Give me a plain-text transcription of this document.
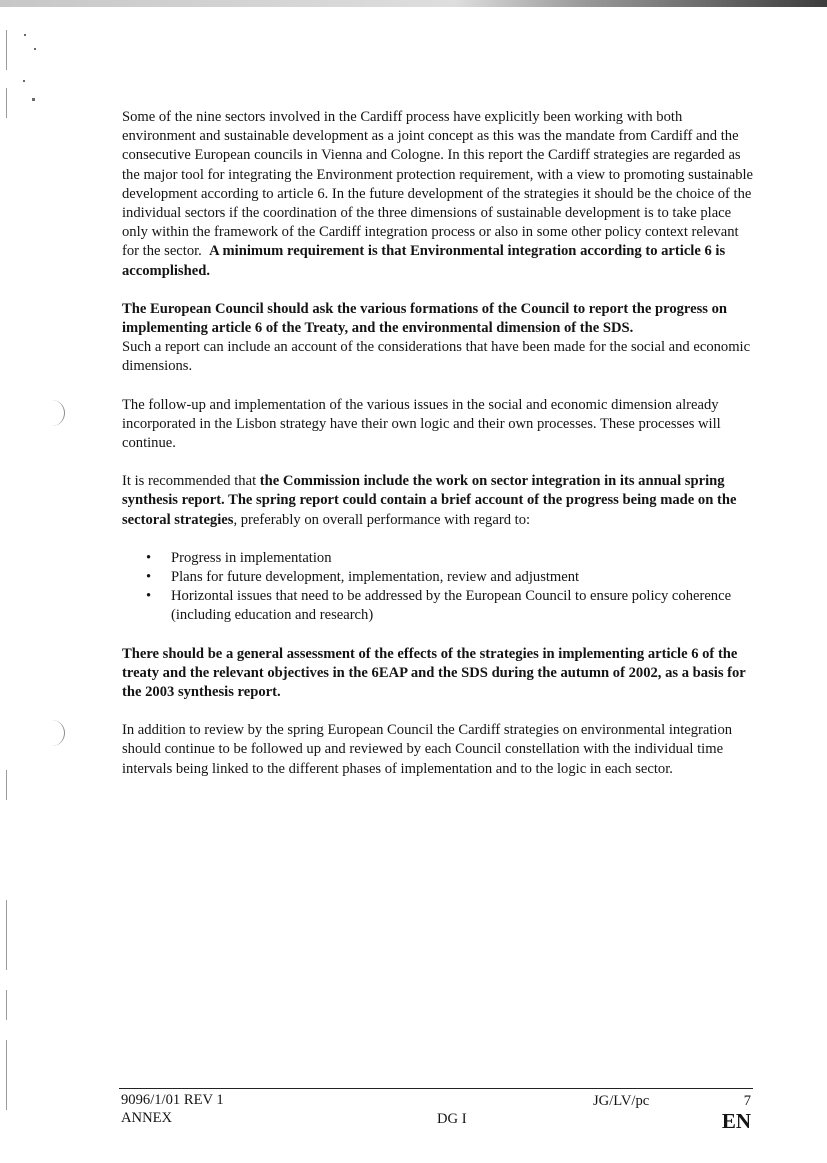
Some of the nine sectors involved in the Cardiff process have explicitly been working with both environment and sustainable development as a joint concept as this was the mandate from Cardiff and the consecutive European councils in Vienna and Cologne. In this report the Cardiff strategies are regarded as the major tool for integrating the Environment protection requirement, with a view to promoting sustainable development according to article 6. In the future development of the strategies it should be the choice of the individual sectors if the coordination of the three dimensions of sustainable development is to take place only within the framework of the Cardiff integration process or also in some other policy context relevant for the sector. A minimum requirement is that Environmental integration according to article 6 is accomplished.

The European Council should ask the various formations of the Council to report the progress on implementing article 6 of the Treaty, and the environmental dimension of the SDS.
Such a report can include an account of the considerations that have been made for the social and economic dimensions.

The follow-up and implementation of the various issues in the social and economic dimension already incorporated in the Lisbon strategy have their own logic and their own processes. These processes will continue.

It is recommended that the Commission include the work on sector integration in its annual spring synthesis report. The spring report could contain a brief account of the progress being made on the sectoral strategies, preferably on overall performance with regard to:

• Progress in implementation
• Plans for future development, implementation, review and adjustment
• Horizontal issues that need to be addressed by the European Council to ensure policy coherence (including education and research)

There should be a general assessment of the effects of the strategies in implementing article 6 of the treaty and the relevant objectives in the 6EAP and the SDS during the autumn of 2002, as a basis for the 2003 synthesis report.

In addition to review by the spring European Council the Cardiff strategies on environmental integration should continue to be followed up and reviewed by each Council constellation with the individual time intervals being linked to the different phases of implementation and to the logic in each sector.

9096/1/01 REV 1
ANNEX	DG I
JG/LV/pc	7
EN
